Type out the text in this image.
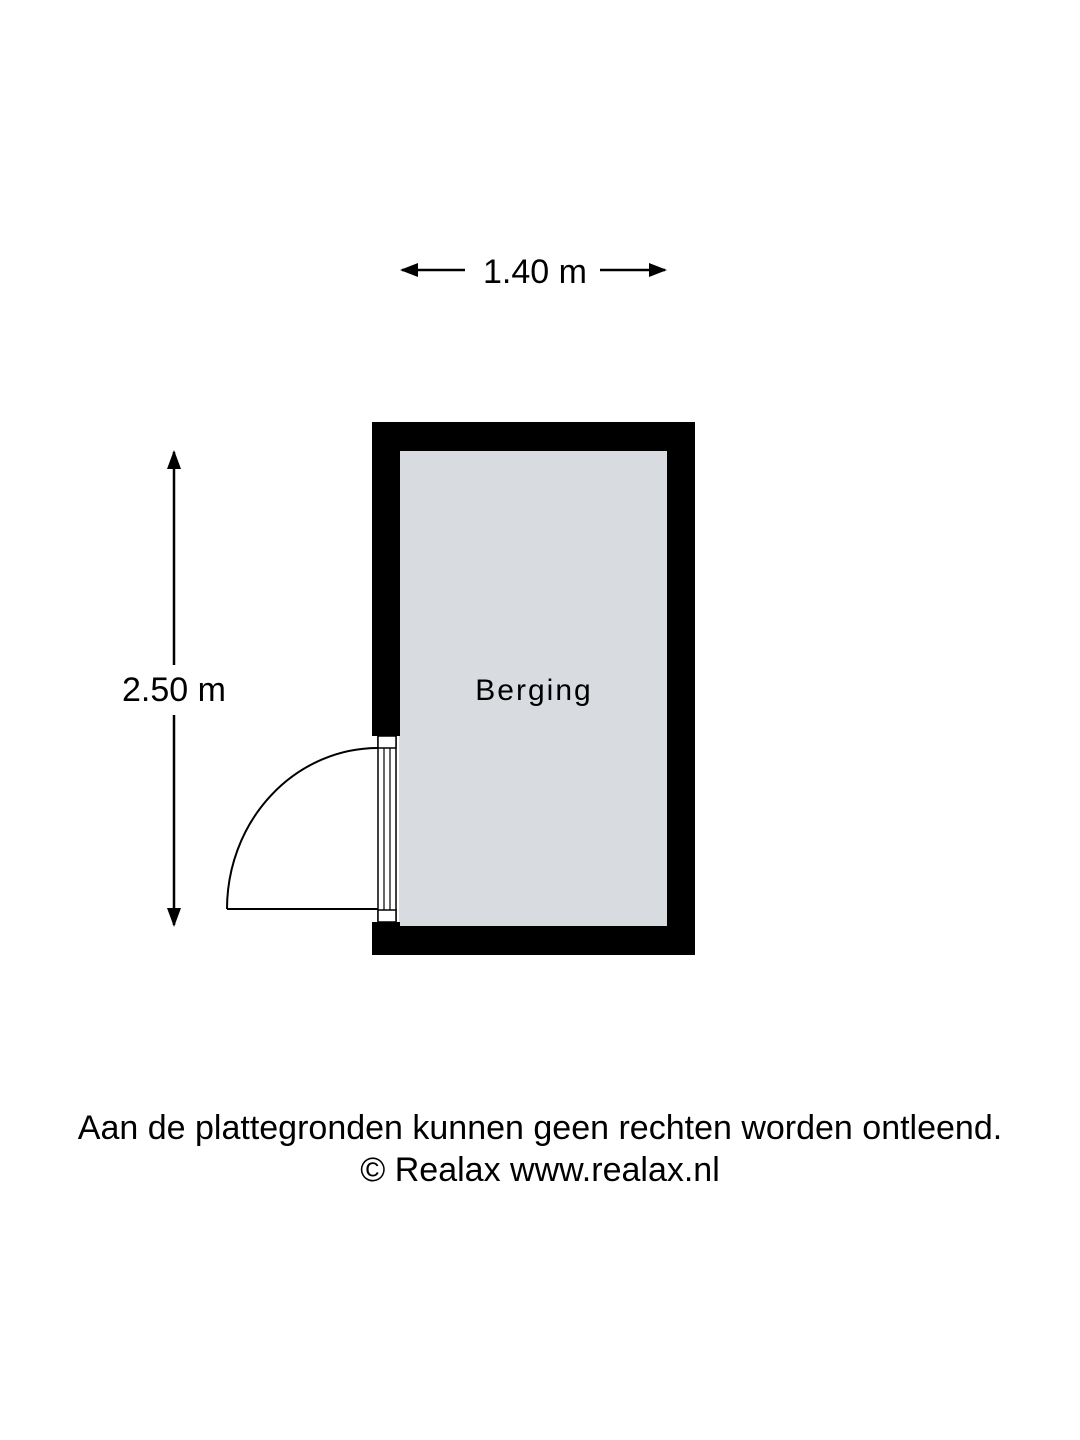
1.40 m
2.50 m	Berging
Aan de plattegronden kunnen geen rechten worden ontleend.
© Realax www.realax.nl
